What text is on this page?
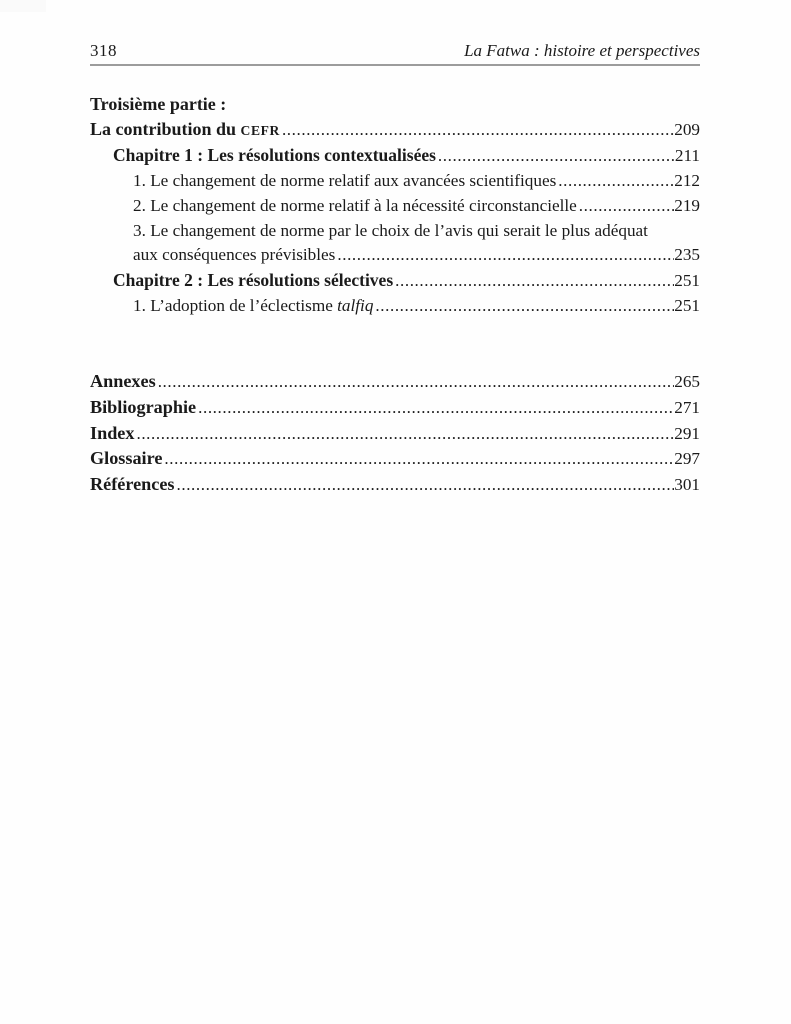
318	La Fatwa : histoire et perspectives
Troisième partie :
La contribution du CEFR .....	209
Chapitre 1 : Les résolutions contextualisées .....	211
1. Le changement de norme relatif aux avancées scientifiques .....	212
2. Le changement de norme relatif à la nécessité circonstancielle .....	219
3. Le changement de norme par le choix de l’avis qui serait le plus adéquat
aux conséquences prévisibles .....	235
Chapitre 2 : Les résolutions sélectives .....	251
1. L’adoption de l’éclectisme talfiq .....	251
Annexes .....	265
Bibliographie .....	271
Index .....	291
Glossaire .....	297
Références .....	301
